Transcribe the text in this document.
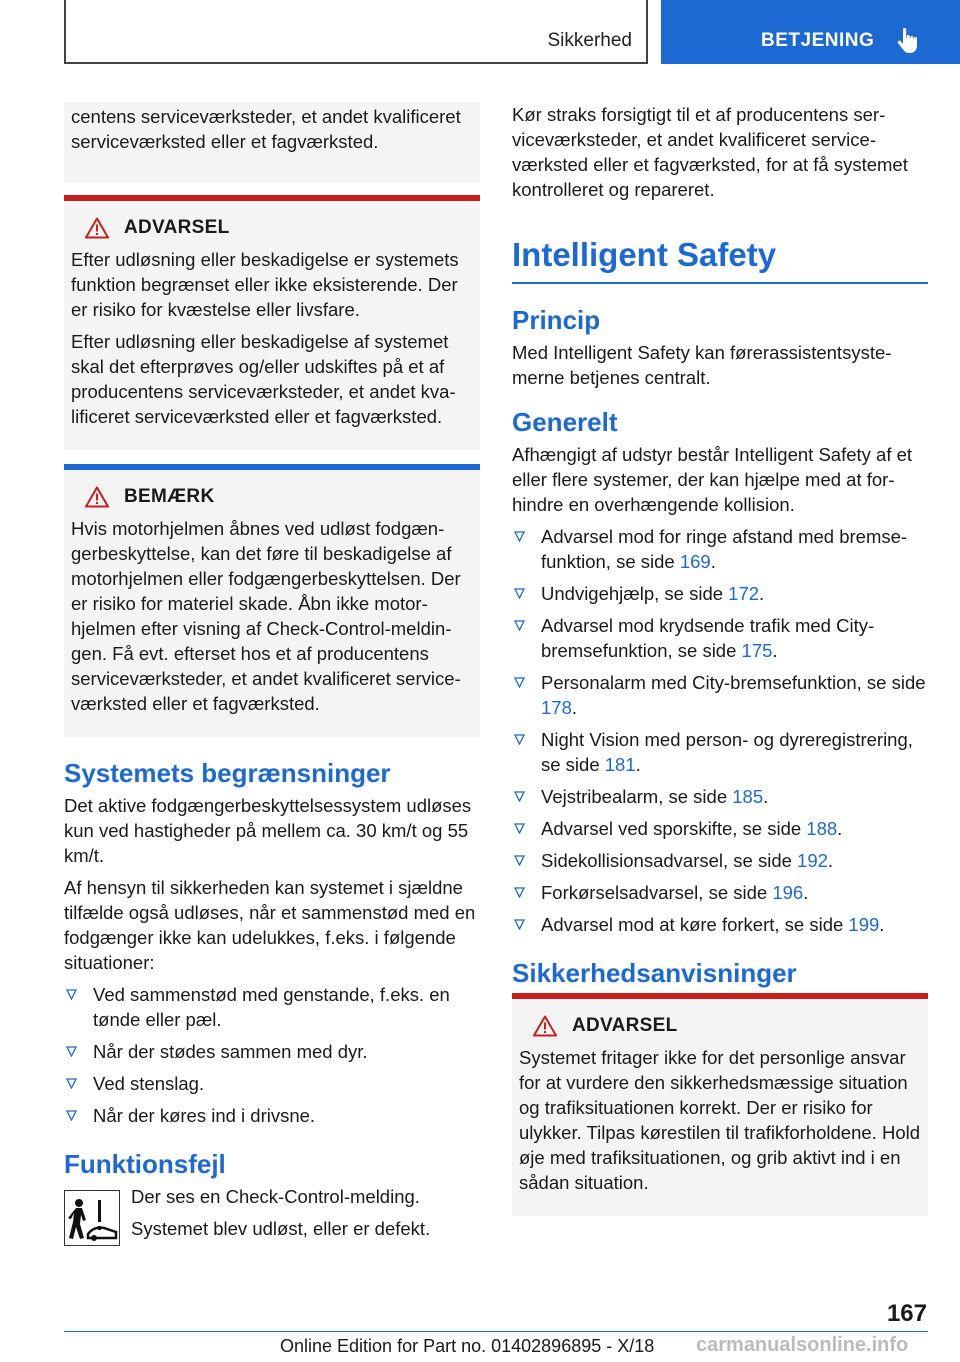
Sikkerhed	BETJENING

centens serviceværksteder, et andet kvalificeret serviceværksted eller et fagværksted.

ADVARSEL

Efter udløsning eller beskadigelse er systemets funktion begrænset eller ikke eksisterende. Der er risiko for kvæstelse eller livsfare.

Efter udløsning eller beskadigelse af systemet skal det efterprøves og/eller udskiftes på et af producentens serviceværksteder, et andet kvalificeret serviceværksted eller et fagværksted.

BEMÆRK

Hvis motorhjelmen åbnes ved udløst fodgængerbeskyttelse, kan det føre til beskadigelse af motorhjelmen eller fodgængerbeskyttelsen. Der er risiko for materiel skade. Åbn ikke motorhjelmen efter visning af Check-Control-meldingen. Få evt. efterset hos et af producentens serviceværksteder, et andet kvalificeret serviceværksted eller et fagværksted.

Systemets begrænsninger

Det aktive fodgængerbeskyttelsessystem udløses kun ved hastigheder på mellem ca. 30 km/t og 55 km/t.

Af hensyn til sikkerheden kan systemet i sjældne tilfælde også udløses, når et sammenstød med en fodgænger ikke kan udelukkes, f.eks. i følgende situationer:

Ved sammenstød med genstande, f.eks. en tønde eller pæl.
Når der stødes sammen med dyr.
Ved stenslag.
Når der køres ind i drivsne.
Funktionsfejl

Der ses en Check-Control-melding.

Systemet blev udløst, eller er defekt.

Kør straks forsigtigt til et af producentens serviceværksteder, et andet kvalificeret serviceværksted eller et fagværksted, for at få systemet kontrolleret og repareret.

Intelligent Safety
Princip

Med Intelligent Safety kan førerassistentsystemerne betjenes centralt.

Generelt

Afhængigt af udstyr består Intelligent Safety af et eller flere systemer, der kan hjælpe med at forhindre en overhængende kollision.

Advarsel mod for ringe afstand med bremsefunktion, se side 169.
Undvigehjælp, se side 172.
Advarsel mod krydsende trafik med City-bremsefunktion, se side 175.
Personalarm med City-bremsefunktion, se side 178.
Night Vision med person- og dyreregistrering, se side 181.
Vejstribealarm, se side 185.
Advarsel ved sporskifte, se side 188.
Sidekollisionsadvarsel, se side 192.
Forkørselsadvarsel, se side 196.
Advarsel mod at køre forkert, se side 199.
Sikkerhedsanvisninger
ADVARSEL

Systemet fritager ikke for det personlige ansvar for at vurdere den sikkerhedsmæssige situation og trafiksituationen korrekt. Der er risiko for ulykker. Tilpas kørestilen til trafikforholdene. Hold øje med trafiksituationen, og grib aktivt ind i en sådan situation.

167
Online Edition for Part no. 01402896895 - X/18 carmanualsonline.info
